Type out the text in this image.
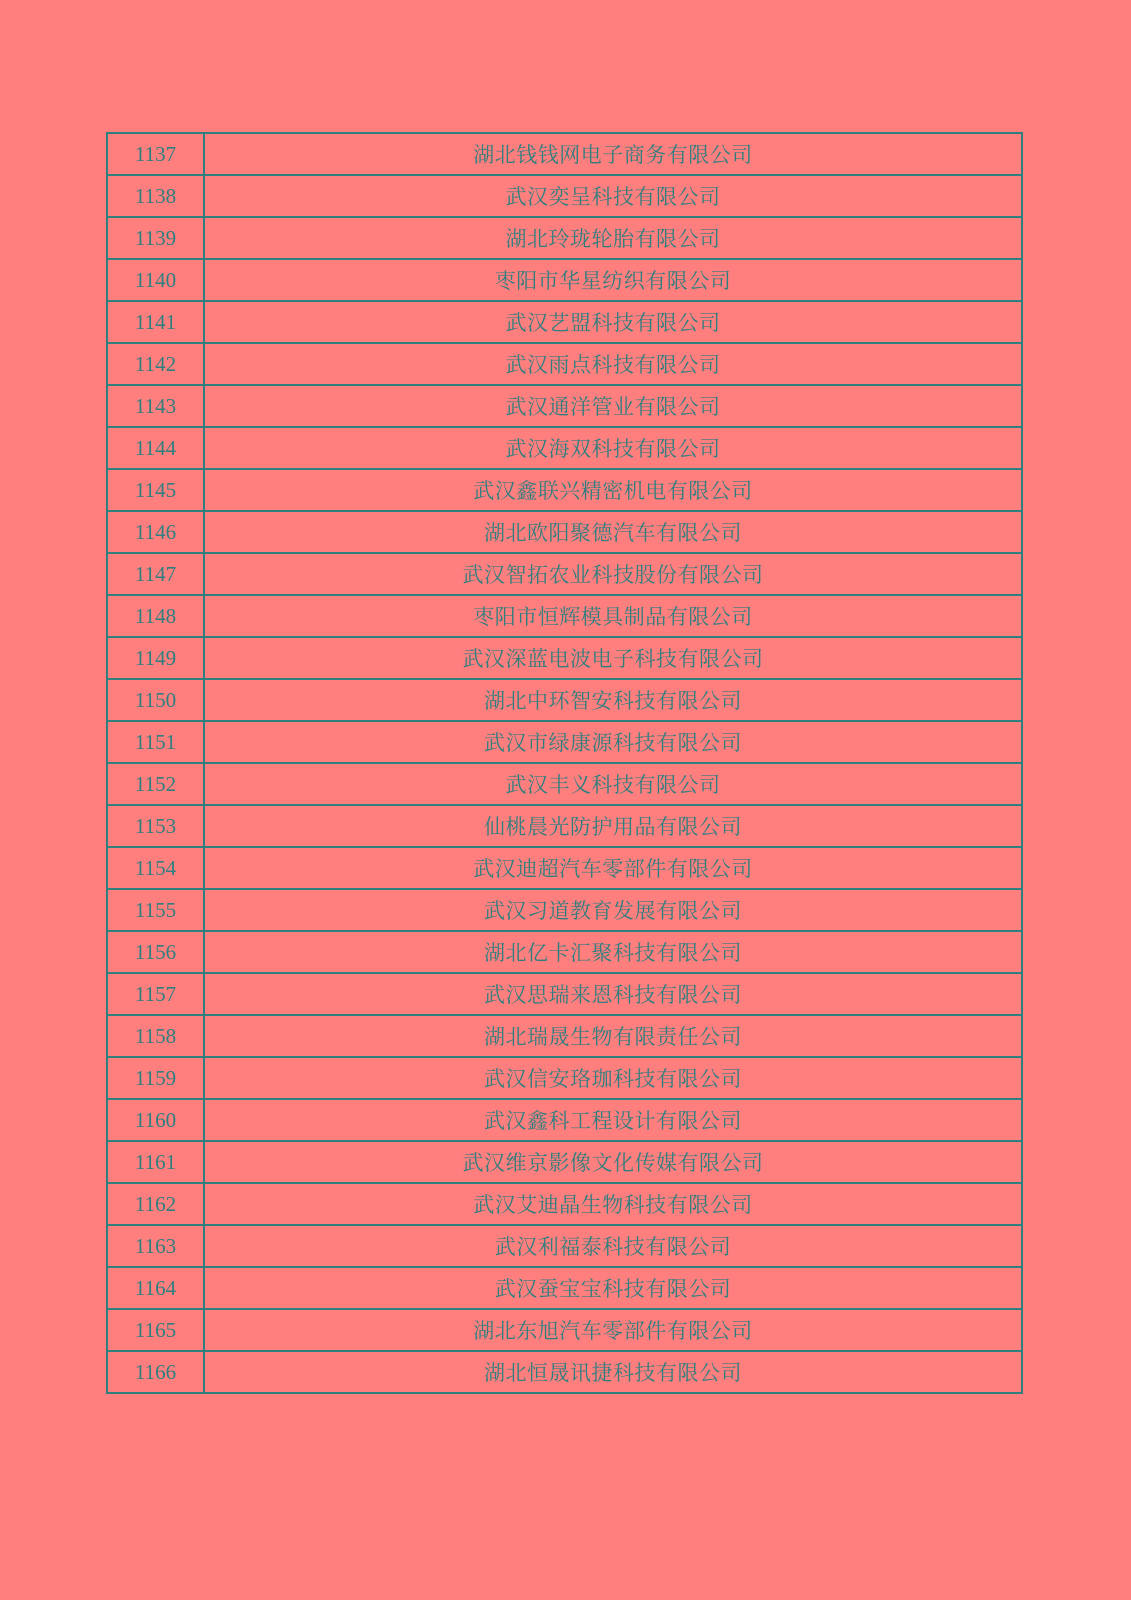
1137	湖北钱钱网电子商务有限公司
1138	武汉奕呈科技有限公司
1139	湖北玲珑轮胎有限公司
1140	枣阳市华星纺织有限公司
1141	武汉艺盟科技有限公司
1142	武汉雨点科技有限公司
1143	武汉通洋管业有限公司
1144	武汉海双科技有限公司
1145	武汉鑫联兴精密机电有限公司
1146	湖北欧阳聚德汽车有限公司
1147	武汉智拓农业科技股份有限公司
1148	枣阳市恒辉模具制品有限公司
1149	武汉深蓝电波电子科技有限公司
1150	湖北中环智安科技有限公司
1151	武汉市绿康源科技有限公司
1152	武汉丰义科技有限公司
1153	仙桃晨光防护用品有限公司
1154	武汉迪超汽车零部件有限公司
1155	武汉习道教育发展有限公司
1156	湖北亿卡汇聚科技有限公司
1157	武汉思瑞来恩科技有限公司
1158	湖北瑞晟生物有限责任公司
1159	武汉信安珞珈科技有限公司
1160	武汉鑫科工程设计有限公司
1161	武汉维京影像文化传媒有限公司
1162	武汉艾迪晶生物科技有限公司
1163	武汉利福泰科技有限公司
1164	武汉蚕宝宝科技有限公司
1165	湖北东旭汽车零部件有限公司
1166	湖北恒晟讯捷科技有限公司
